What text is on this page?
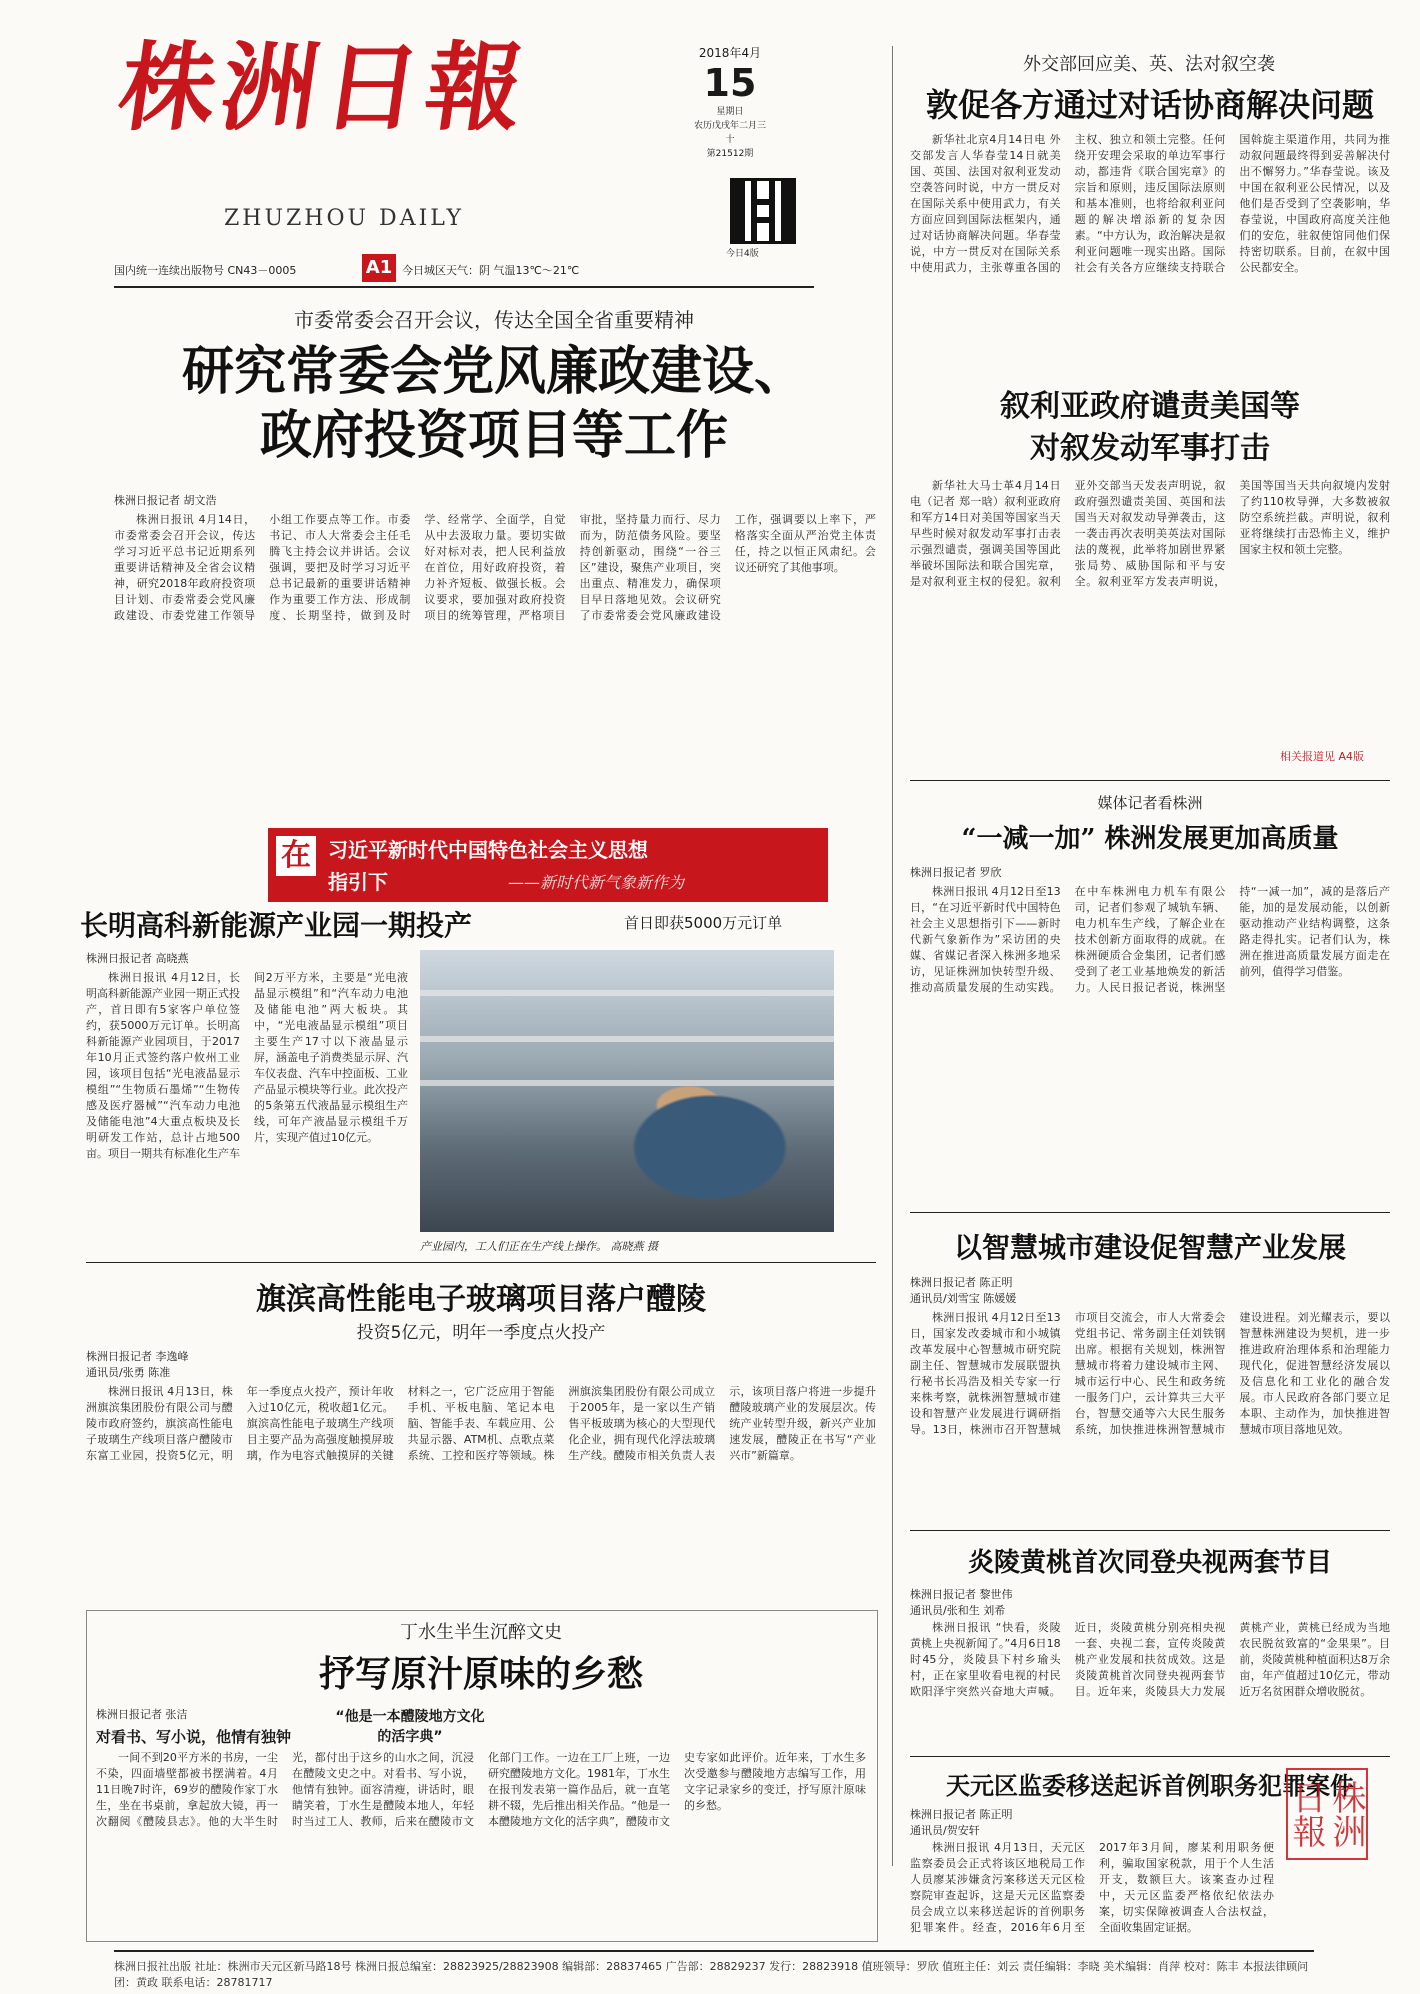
株洲日報
ZHUZHOU DAILY
国内统一连续出版物号 CN43－0005	A1 今日城区天气：阴 气温13℃～21℃
2018年4月
15
星期日
农历戊戌年二月三十
第21512期
今日4版
市委常委会召开会议，传达全国全省重要精神
研究常委会党风廉政建设、
政府投资项目等工作
株洲日报记者 胡文浩

株洲日报讯 4月14日，市委常委会召开会议，传达学习习近平总书记近期系列重要讲话精神及全省会议精神，研究2018年政府投资项目计划、市委常委会党风廉政建设、市委党建工作领导小组工作要点等工作。市委书记、市人大常委会主任毛腾飞主持会议并讲话。会议强调，要把及时学习习近平总书记最新的重要讲话精神作为重要工作方法、形成制度、长期坚持，做到及时学、经常学、全面学，自觉从中去汲取力量。要切实做好对标对表，把人民利益放在首位，用好政府投资，着力补齐短板、做强长板。会议要求，要加强对政府投资项目的统筹管理，严格项目审批，坚持量力而行、尽力而为，防范债务风险。要坚持创新驱动，围绕“一谷三区”建设，聚焦产业项目，突出重点、精准发力，确保项目早日落地见效。会议研究了市委常委会党风廉政建设工作，强调要以上率下，严格落实全面从严治党主体责任，持之以恒正风肃纪。会议还研究了其他事项。

外交部回应美、英、法对叙空袭
敦促各方通过对话协商解决问题

新华社北京4月14日电 外交部发言人华春莹14日就美国、英国、法国对叙利亚发动空袭答问时说，中方一贯反对在国际关系中使用武力，有关方面应回到国际法框架内，通过对话协商解决问题。华春莹说，中方一贯反对在国际关系中使用武力，主张尊重各国的主权、独立和领土完整。任何绕开安理会采取的单边军事行动，都违背《联合国宪章》的宗旨和原则，违反国际法原则和基本准则，也将给叙利亚问题的解决增添新的复杂因素。“中方认为，政治解决是叙利亚问题唯一现实出路。国际社会有关各方应继续支持联合国斡旋主渠道作用，共同为推动叙问题最终得到妥善解决付出不懈努力。”华春莹说。该及中国在叙利亚公民情况，以及他们是否受到了空袭影响，华春莹说，中国政府高度关注他们的安危，驻叙使馆同他们保持密切联系。目前，在叙中国公民都安全。

叙利亚政府谴责美国等
对叙发动军事打击

新华社大马士革4月14日电（记者 郑一晗）叙利亚政府和军方14日对美国等国家当天早些时候对叙发动军事打击表示强烈谴责，强调美国等国此举破坏国际法和联合国宪章，是对叙利亚主权的侵犯。叙利亚外交部当天发表声明说，叙政府强烈谴责美国、英国和法国当天对叙发动导弹袭击，这一袭击再次表明美英法对国际法的蔑视，此举将加剧世界紧张局势、威胁国际和平与安全。叙利亚军方发表声明说，美国等国当天共向叙境内发射了约110枚导弹，大多数被叙防空系统拦截。声明说，叙利亚将继续打击恐怖主义，维护国家主权和领土完整。

相关报道见 A4版
媒体记者看株洲
“一减一加” 株洲发展更加高质量
株洲日报记者 罗欣

株洲日报讯 4月12日至13日，“在习近平新时代中国特色社会主义思想指引下——新时代新气象新作为”采访团的央媒、省媒记者深入株洲多地采访，见证株洲加快转型升级、推动高质量发展的生动实践。在中车株洲电力机车有限公司，记者们参观了城轨车辆、电力机车生产线，了解企业在技术创新方面取得的成就。在株洲硬质合金集团，记者们感受到了老工业基地焕发的新活力。人民日报记者说，株洲坚持“一减一加”，减的是落后产能，加的是发展动能，以创新驱动推动产业结构调整，这条路走得扎实。记者们认为，株洲在推进高质量发展方面走在前列，值得学习借鉴。

在 习近平新时代中国特色社会主义思想
指引下	——新时代新气象新作为
长明高科新能源产业园一期投产	首日即获5000万元订单
株洲日报记者 高晓燕

株洲日报讯 4月12日，长明高科新能源产业园一期正式投产，首日即有5家客户单位签约，获5000万元订单。长明高科新能源产业园项目，于2017年10月正式签约落户攸州工业园，该项目包括“光电液晶显示模组”“生物质石墨烯”“生物传感及医疗器械”“汽车动力电池及储能电池”4大重点板块及长明研发工作站，总计占地500亩。项目一期共有标准化生产车间2万平方米，主要是“光电液晶显示模组”和“汽车动力电池及储能电池”两大板块。其中，“光电液晶显示模组”项目主要生产17寸以下液晶显示屏，涵盖电子消费类显示屏、汽车仪表盘、汽车中控面板、工业产品显示模块等行业。此次投产的5条第五代液晶显示模组生产线，可年产液晶显示模组千万片，实现产值过10亿元。

产业园内，工人们正在生产线上操作。 高晓燕 摄
旗滨高性能电子玻璃项目落户醴陵
投资5亿元，明年一季度点火投产
株洲日报记者 李逸峰
通讯员/张勇 陈准

株洲日报讯 4月13日，株洲旗滨集团股份有限公司与醴陵市政府签约，旗滨高性能电子玻璃生产线项目落户醴陵市东富工业园，投资5亿元，明年一季度点火投产，预计年收入过10亿元，税收超1亿元。旗滨高性能电子玻璃生产线项目主要产品为高强度触摸屏玻璃，作为电容式触摸屏的关键材料之一，它广泛应用于智能手机、平板电脑、笔记本电脑、智能手表、车载应用、公共显示器、ATM机、点歌点菜系统、工控和医疗等领域。株洲旗滨集团股份有限公司成立于2005年，是一家以生产销售平板玻璃为核心的大型现代化企业，拥有现代化浮法玻璃生产线。醴陵市相关负责人表示，该项目落户将进一步提升醴陵玻璃产业的发展层次。传统产业转型升级，新兴产业加速发展，醴陵正在书写“产业兴市”新篇章。

丁水生半生沉醉文史
抒写原汁原味的乡愁
株洲日报记者 张洁
对看书、写小说，他情有独钟
“他是一本醴陵地方文化的活字典”

一间不到20平方米的书房，一尘不染，四面墙壁都被书摆满着。4月11日晚7时许，69岁的醴陵作家丁水生，坐在书桌前，拿起放大镜，再一次翻阅《醴陵县志》。他的大半生时光，都付出于这乡的山水之间，沉浸在醴陵文史之中。对看书、写小说，他情有独钟。面容清瘦，讲话时，眼睛笑着，丁水生是醴陵本地人，年轻时当过工人、教师，后来在醴陵市文化部门工作。一边在工厂上班，一边研究醴陵地方文化。1981年，丁水生在报刊发表第一篇作品后，就一直笔耕不辍，先后推出相关作品。“他是一本醴陵地方文化的活字典”，醴陵市文史专家如此评价。近年来，丁水生多次受邀参与醴陵地方志编写工作，用文字记录家乡的变迁，抒写原汁原味的乡愁。

以智慧城市建设促智慧产业发展
株洲日报记者 陈正明
通讯员/刘雪宝 陈媛媛

株洲日报讯 4月12日至13日，国家发改委城市和小城镇改革发展中心智慧城市研究院副主任、智慧城市发展联盟执行秘书长冯浩及相关专家一行来株考察，就株洲智慧城市建设和智慧产业发展进行调研指导。13日，株洲市召开智慧城市项目交流会，市人大常委会党组书记、常务副主任刘铁钢出席。根据有关规划，株洲智慧城市将着力建设城市主网、城市运行中心、民生和政务统一服务门户，云计算共三大平台，智慧交通等六大民生服务系统，加快推进株洲智慧城市建设进程。刘光耀表示，要以智慧株洲建设为契机，进一步推进政府治理体系和治理能力现代化，促进智慧经济发展以及信息化和工业化的融合发展。市人民政府各部门要立足本职、主动作为，加快推进智慧城市项目落地见效。

炎陵黄桃首次同登央视两套节目
株洲日报记者 黎世伟
通讯员/张和生 刘希

株洲日报讯 “快看，炎陵黄桃上央视新闻了。”4月6日18时45分，炎陵县下村乡瑜头村，正在家里收看电视的村民欧阳泽宇突然兴奋地大声喊。近日，炎陵黄桃分别亮相央视一套、央视二套，宣传炎陵黄桃产业发展和扶贫成效。这是炎陵黄桃首次同登央视两套节目。近年来，炎陵县大力发展黄桃产业，黄桃已经成为当地农民脱贫致富的“金果果”。目前，炎陵黄桃种植面积达8万余亩，年产值超过10亿元，带动近万名贫困群众增收脱贫。

天元区监委移送起诉首例职务犯罪案件
株洲日报记者 陈正明
通讯员/贺安轩

株洲日报讯 4月13日，天元区监察委员会正式将该区地税局工作人员廖某涉嫌贪污案移送天元区检察院审查起诉，这是天元区监察委员会成立以来移送起诉的首例职务犯罪案件。经查，2016年6月至2017年3月间，廖某利用职务便利，骗取国家税款，用于个人生活开支，数额巨大。该案查办过程中，天元区监委严格依纪依法办案，切实保障被调查人合法权益，全面收集固定证据。

株洲日報
株洲日报社出版 社址：株洲市天元区新马路18号 株洲日报总编室：28823925/28823908 编辑部：28837465 广告部：28829237 发行：28823918 值班领导：罗欣 值班主任：刘云 责任编辑：李晓 美术编辑：肖萍 校对：陈丰 本报法律顾问团：黄政 联系电话：28781717
